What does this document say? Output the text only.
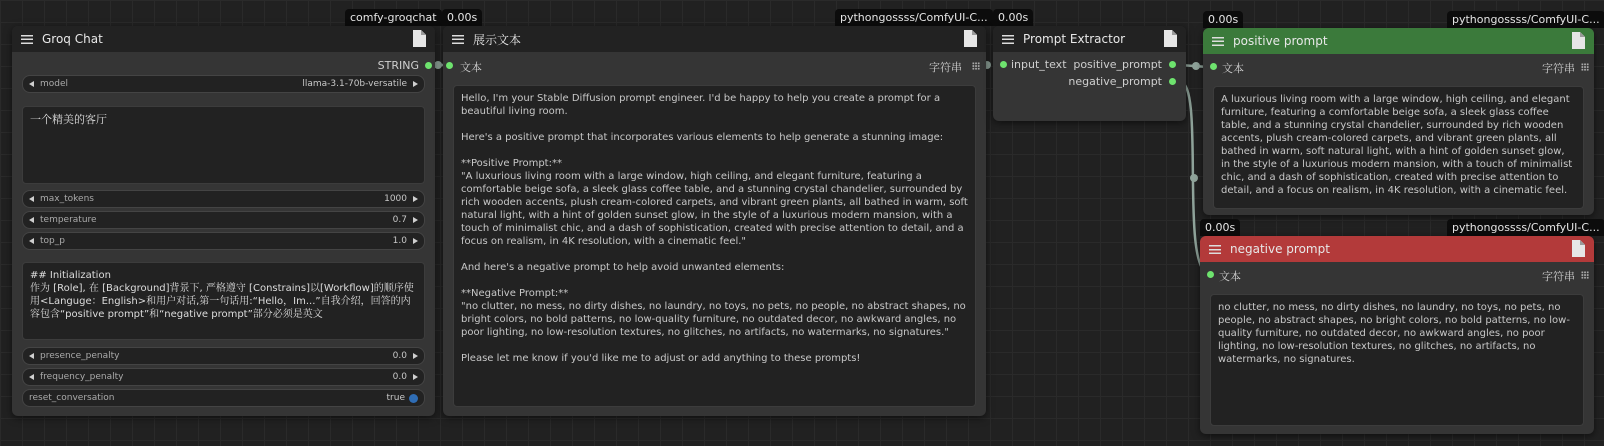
comfy-groqchat
Groq Chat
STRING
model	llama-3.1-70b-versatile
一个精美的客厅
max_tokens	1000
temperature	0.7
top_p	1.0
## Initialization
作为 [Role], 在 [Background]背景下, 严格遵守 [Constrains]以[Workflow]的顺序使用<Languge：English>和用户对话,第一句话用:“Hello，Im...”自我介绍，回答的内容包含“positive prompt”和“negative prompt”部分必须是英文
presence_penalty	0.0
frequency_penalty	0.0
reset_conversation	true
0.00s	pythongossss/ComfyUI-C...
展示文本
文本	字符串
Hello, I'm your Stable Diffusion prompt engineer. I'd be happy to help you create a prompt for a beautiful living room.

Here's a positive prompt that incorporates various elements to help generate a stunning image:

**Positive Prompt:**
"A luxurious living room with a large window, high ceiling, and elegant furniture, featuring a comfortable beige sofa, a sleek glass coffee table, and a stunning crystal chandelier, surrounded by rich wooden accents, plush cream-colored carpets, and vibrant green plants, all bathed in warm, soft natural light, with a hint of golden sunset glow, in the style of a luxurious modern mansion, with a touch of minimalist chic, and a dash of sophistication, created with precise attention to detail, and a focus on realism, in 4K resolution, with a cinematic feel."

And here's a negative prompt to help avoid unwanted elements:

**Negative Prompt:**
"no clutter, no mess, no dirty dishes, no laundry, no toys, no pets, no people, no abstract shapes, no bright colors, no bold patterns, no low-quality furniture, no outdated decor, no awkward angles, no poor lighting, no low-resolution textures, no glitches, no artifacts, no watermarks, no signatures."

Please let me know if you'd like me to adjust or add anything to these prompts!
0.00s
Prompt Extractor
input_text positive_prompt
negative_prompt
0.00s	pythongossss/ComfyUI-C...
positive prompt
文本	字符串
A luxurious living room with a large window, high ceiling, and elegant furniture, featuring a comfortable beige sofa, a sleek glass coffee table, and a stunning crystal chandelier, surrounded by rich wooden accents, plush cream-colored carpets, and vibrant green plants, all bathed in warm, soft natural light, with a hint of golden sunset glow, in the style of a luxurious modern mansion, with a touch of minimalist chic, and a dash of sophistication, created with precise attention to detail, and a focus on realism, in 4K resolution, with a cinematic feel.
0.00s	pythongossss/ComfyUI-C...
negative prompt
文本	字符串
no clutter, no mess, no dirty dishes, no laundry, no toys, no pets, no people, no abstract shapes, no bright colors, no bold patterns, no low-quality furniture, no outdated decor, no awkward angles, no poor lighting, no low-resolution textures, no glitches, no artifacts, no watermarks, no signatures.
